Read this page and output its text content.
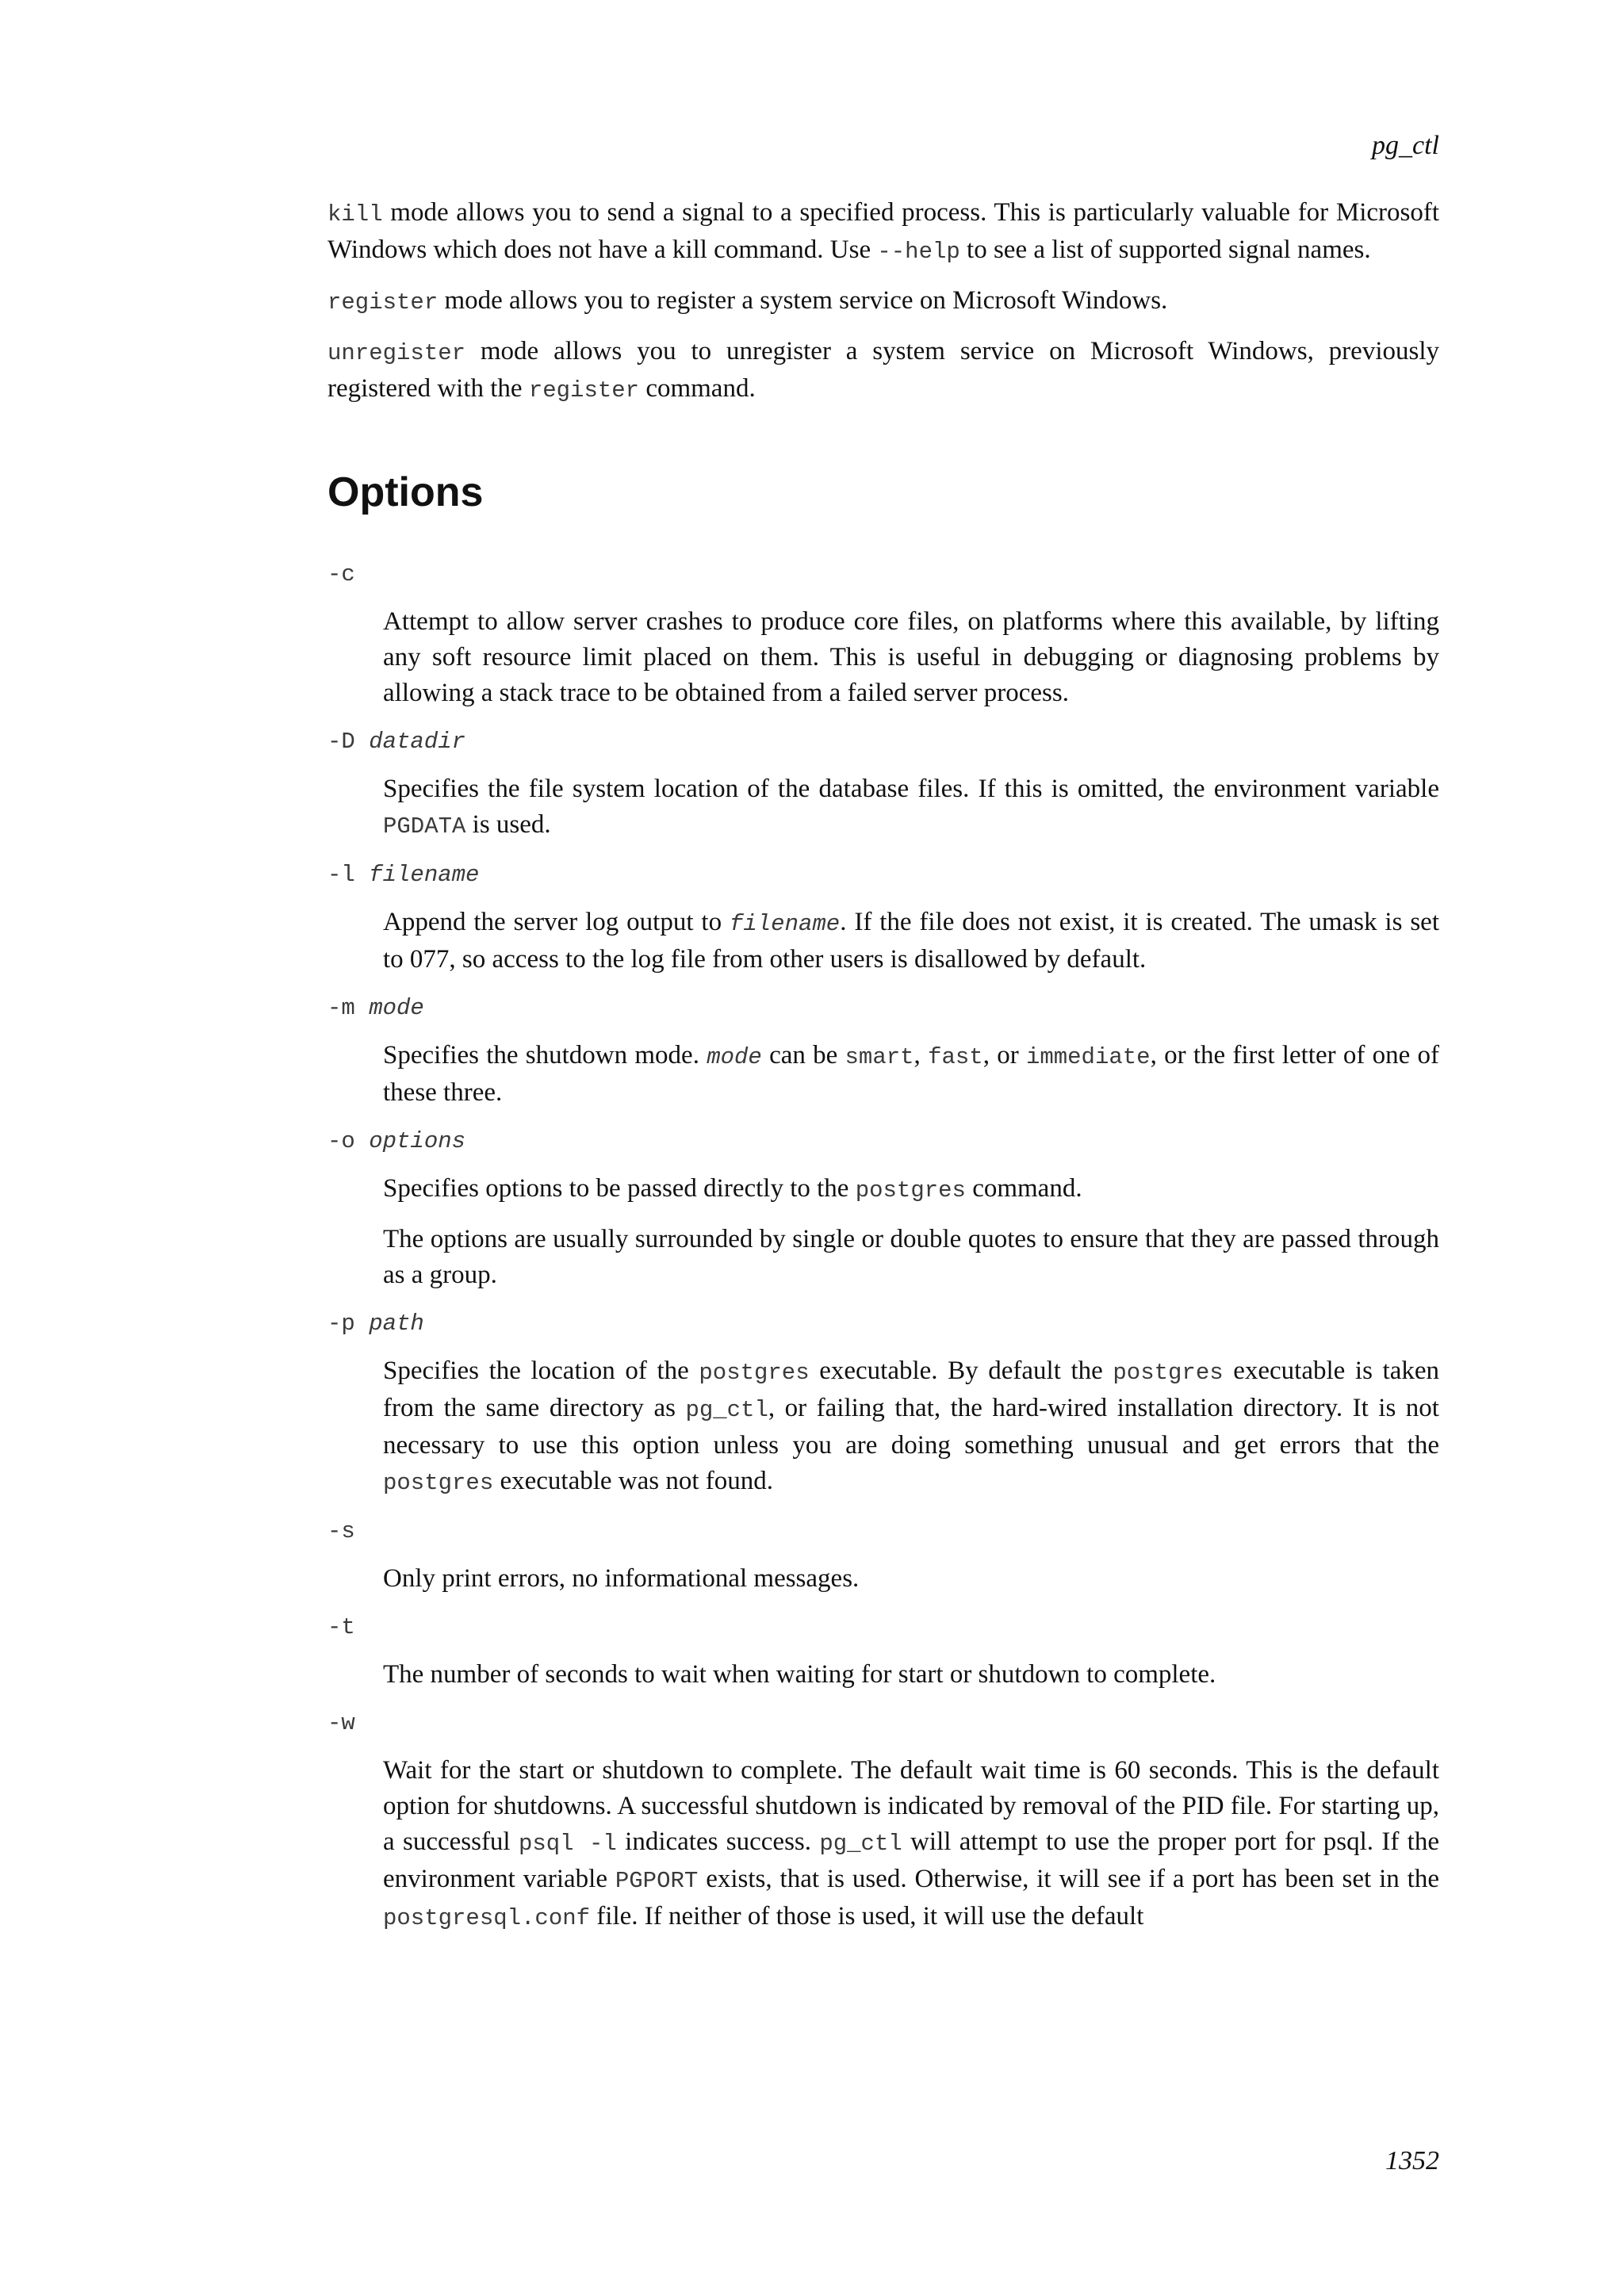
pg_ctl

kill mode allows you to send a signal to a specified process. This is particularly valuable for Microsoft Windows which does not have a kill command. Use --help to see a list of supported signal names.

register mode allows you to register a system service on Microsoft Windows.

unregister mode allows you to unregister a system service on Microsoft Windows, previously registered with the register command.

Options
-c

Attempt to allow server crashes to produce core files, on platforms where this available, by lifting any soft resource limit placed on them. This is useful in debugging or diagnosing problems by allowing a stack trace to be obtained from a failed server process.

-D datadir

Specifies the file system location of the database files. If this is omitted, the environment variable PGDATA is used.

-l filename

Append the server log output to filename. If the file does not exist, it is created. The umask is set to 077, so access to the log file from other users is disallowed by default.

-m mode

Specifies the shutdown mode. mode can be smart, fast, or immediate, or the first letter of one of these three.

-o options

Specifies options to be passed directly to the postgres command.

The options are usually surrounded by single or double quotes to ensure that they are passed through as a group.

-p path

Specifies the location of the postgres executable. By default the postgres executable is taken from the same directory as pg_ctl, or failing that, the hard-wired installation directory. It is not necessary to use this option unless you are doing something unusual and get errors that the postgres executable was not found.

-s

Only print errors, no informational messages.

-t

The number of seconds to wait when waiting for start or shutdown to complete.

-w

Wait for the start or shutdown to complete. The default wait time is 60 seconds. This is the default option for shutdowns. A successful shutdown is indicated by removal of the PID file. For starting up, a successful psql -l indicates success. pg_ctl will attempt to use the proper port for psql. If the environment variable PGPORT exists, that is used. Otherwise, it will see if a port has been set in the postgresql.conf file. If neither of those is used, it will use the default

1352
